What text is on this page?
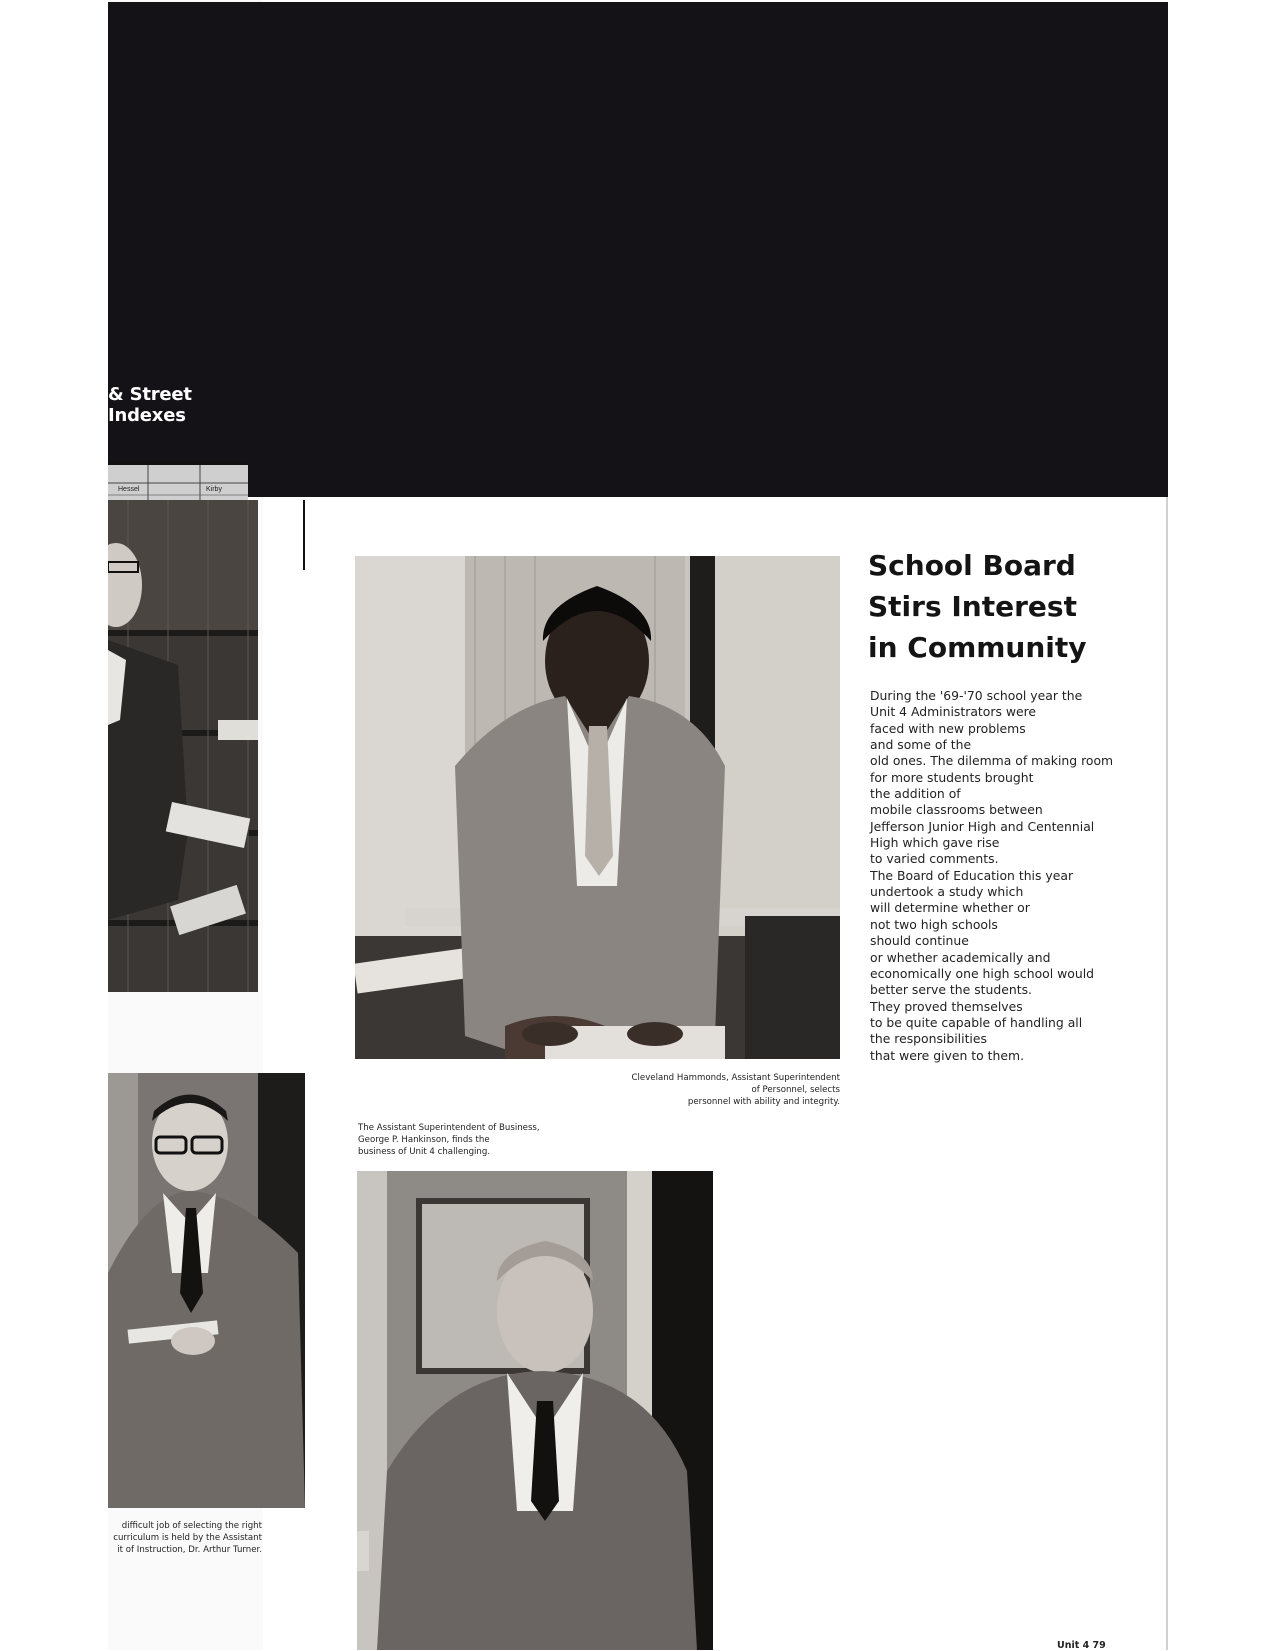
& Street Indexes
Hessel	Kirby
School Board
Stirs Interest
in Community
During the '69-'70 school year the
Unit 4 Administrators were
faced with new problems
and some of the
old ones. The dilemma of making room
for more students brought
the addition of
mobile classrooms between
Jefferson Junior High and Centennial
High which gave rise
to varied comments.
The Board of Education this year
undertook a study which
will determine whether or
not two high schools
should continue
or whether academically and
economically one high school would
better serve the students.
They proved themselves
to be quite capable of handling all
the responsibilities
that were given to them.
Cleveland Hammonds, Assistant Superintendent
of Personnel, selects
personnel with ability and integrity.
The Assistant Superintendent of Business,
George P. Hankinson, finds the
business of Unit 4 challenging.
difficult job of selecting the right
curriculum is held by the Assistant
it of Instruction, Dr. Arthur Turner.
Unit 4 79
